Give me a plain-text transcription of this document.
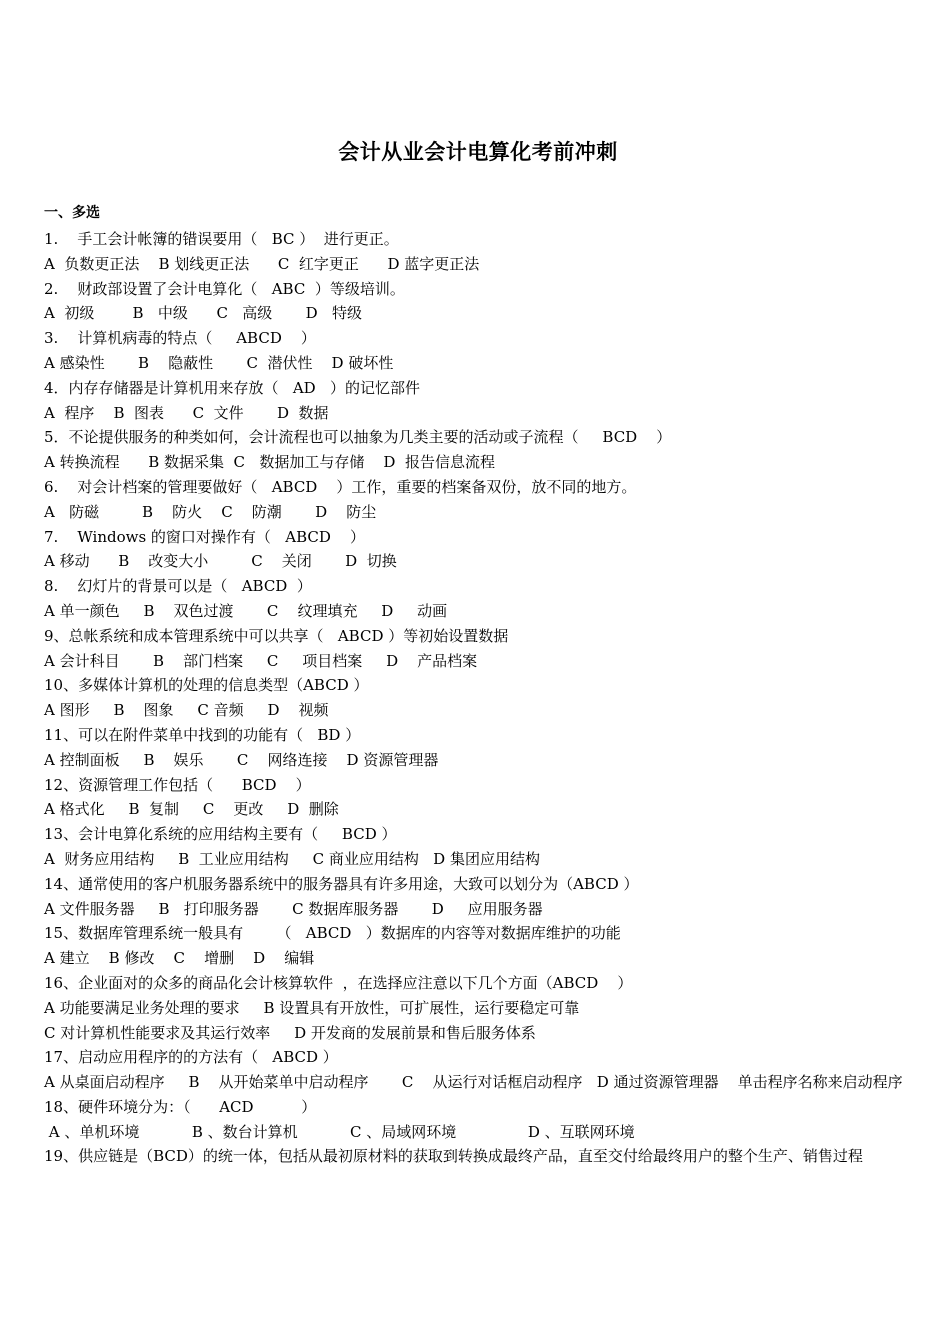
会计从业会计电算化考前冲刺
一、多选
1.    手工会计帐簿的错误要用（   BC ）  进行更正。
A  负数更正法    B 划线更正法      C  红字更正      D 蓝字更正法
2.    财政部设置了会计电算化（   ABC  ）等级培训。
A  初级        B   中级      C   高级       D   特级
3.    计算机病毒的特点（     ABCD    ）
A 感染性       B    隐蔽性       C  潜伏性    D 破坏性
4．内存存储器是计算机用来存放（   AD   ）的记忆部件
A  程序    B  图表      C  文件       D  数据
5．不论提供服务的种类如何，会计流程也可以抽象为几类主要的活动或子流程（     BCD    ）
A 转换流程      B 数据采集  C   数据加工与存储    D  报告信息流程
6.    对会计档案的管理要做好（   ABCD    ）工作，重要的档案备双份，放不同的地方。
A   防磁         B    防火    C    防潮       D    防尘
7.    Windows 的窗口对操作有（   ABCD    ）
A 移动      B    改变大小         C    关闭       D  切换
8.    幻灯片的背景可以是（   ABCD  ）
A 单一颜色     B    双色过渡       C    纹理填充     D     动画
9、总帐系统和成本管理系统中可以共享（   ABCD ）等初始设置数据
A 会计科目       B    部门档案     C     项目档案     D    产品档案
10、多媒体计算机的处理的信息类型（ABCD ）
A 图形     B    图象     C 音频     D    视频
11、可以在附件菜单中找到的功能有（   BD ）
A 控制面板     B    娱乐       C    网络连接    D 资源管理器
12、资源管理工作包括（      BCD    ）
A 格式化     B  复制     C    更改     D  删除
13、会计电算化系统的应用结构主要有（     BCD ）
A  财务应用结构     B  工业应用结构     C 商业应用结构   D 集团应用结构
14、通常使用的客户机服务器系统中的服务器具有许多用途，大致可以划分为（ABCD ）
A 文件服务器     B   打印服务器       C 数据库服务器       D     应用服务器
15、数据库管理系统一般具有       （   ABCD   ）数据库的内容等对数据库维护的功能
A 建立    B 修改    C    增删    D    编辑
16、企业面对的众多的商品化会计核算软件  ，在选择应注意以下几个方面（ABCD    ）
A 功能要满足业务处理的要求     B 设置具有开放性，可扩展性，运行要稳定可靠
C 对计算机性能要求及其运行效率     D 开发商的发展前景和售后服务体系
17、启动应用程序的的方法有（   ABCD ）
A 从桌面启动程序     B    从开始菜单中启动程序       C    从运行对话框启动程序   D 通过资源管理器    单击程序名称来启动程序
18、硬件环境分为：（      ACD          ）
A 、单机环境           B 、数台计算机           C 、局域网环境               D 、互联网环境
19、供应链是（BCD）的统一体，包括从最初原材料的获取到转换成最终产品，直至交付给最终用户的整个生产、销售过程
